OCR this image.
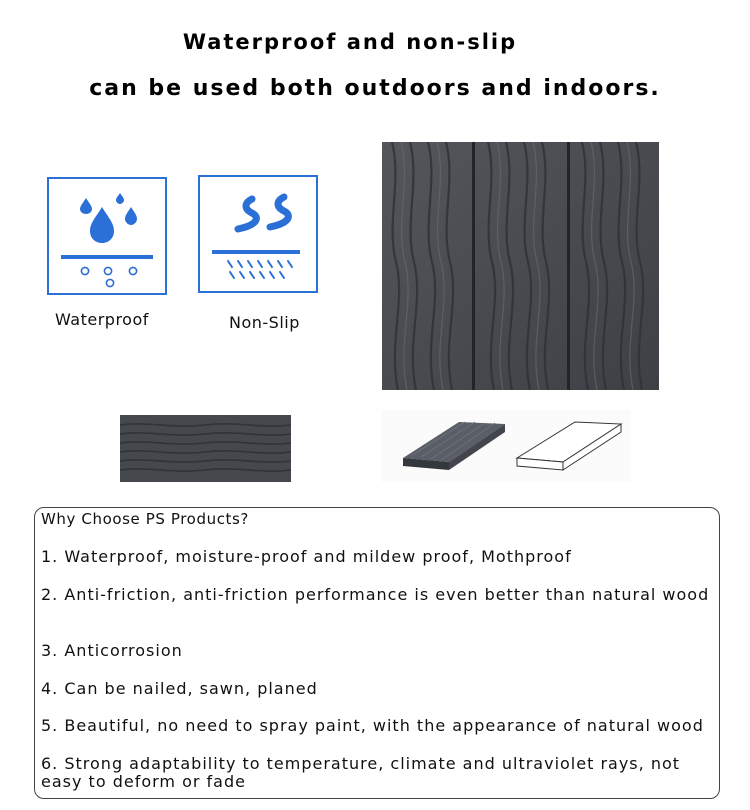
Waterproof and non-slip
can be used both outdoors and indoors.
Waterproof	Non-Slip
Why Choose PS Products?
1. Waterproof, moisture-proof and mildew proof, Mothproof
2. Anti-friction, anti-friction performance is even better than natural wood
3. Anticorrosion
4. Can be nailed, sawn, planed
5. Beautiful, no need to spray paint, with the appearance of natural wood
6. Strong adaptability to temperature, climate and ultraviolet rays, not easy to deform or fade
